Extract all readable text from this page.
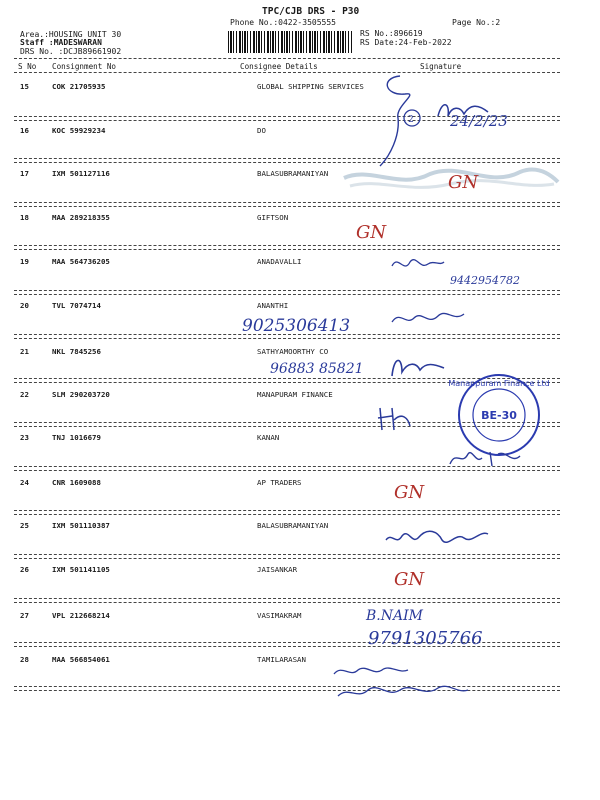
TPC/CJB DRS - P30
Phone No.:0422-3505555	Page No.:2
Area.:HOUSING UNIT 30
Staff :MADESWARAN
DRS No. :DCJB89661902
RS No.:896619
RS Date:24-Feb-2022
S No Consignment No	Consignee Details	Signature
15	COK 21705935	GLOBAL SHIPPING SERVICES
16	KOC 59929234	DO
17	IXM 501127116	BALASUBRAMANIYAN
18	MAA 289218355	GIFTSON
19	MAA 564736205	ANADAVALLI
20	TVL 7074714	ANANTHI
21	NKL 7845256	SATHYAMOORTHY CO
22	SLM 290203720	MANAPURAM FINANCE
23	TNJ 1016679	KANAN
24	CNR 1609088	AP TRADERS
25	IXM 501110387	BALASUBRAMANIYAN
26	IXM 501141105	JAISANKAR
27	VPL 212668214	VASIMAKRAM
28	MAA 566854061	TAMILARASAN
2 24/2/23
GN
GN
9442954782
9025306413
96883 85821
Manappuram Finance Ltd
BE-30
GN
GN
B.NAIM
9791305766
